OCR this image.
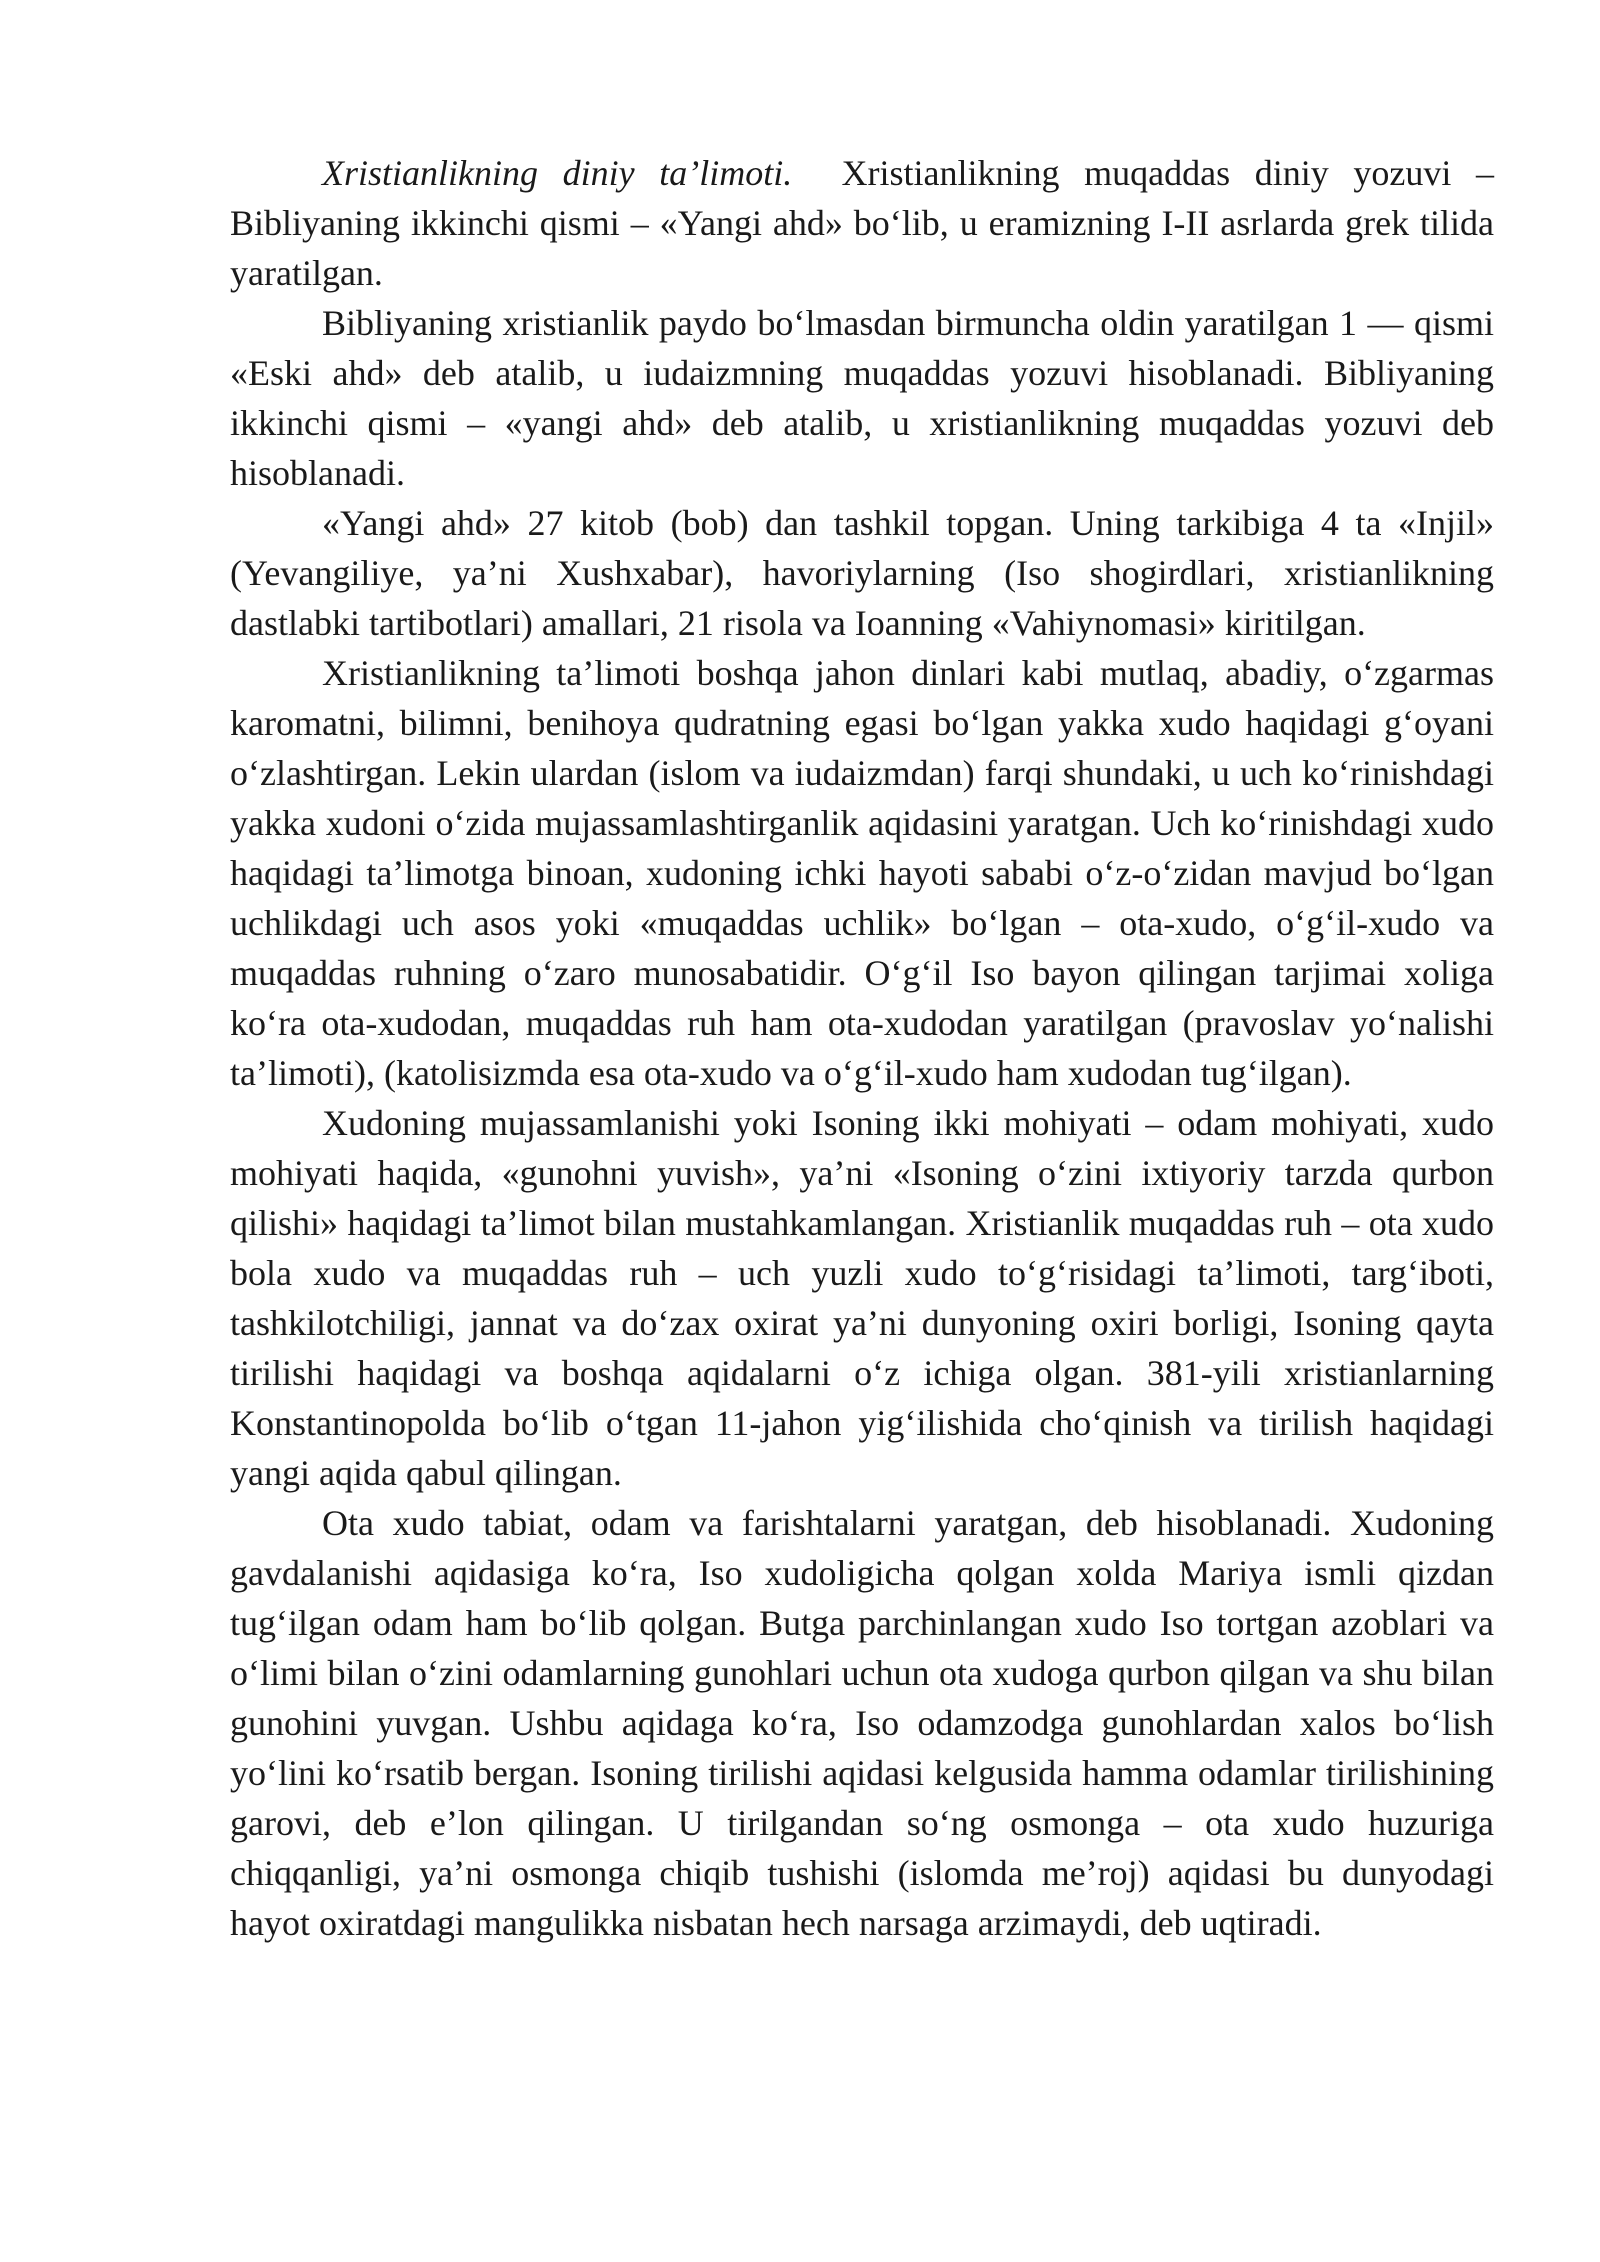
Xristianlikning diniy ta’limoti. Xristianlikning muqaddas diniy yozuvi – Bibliyaning ikkinchi qismi – «Yangi ahd» bo‘lib, u eramizning I-II asrlarda grek tilida yaratilgan.

Bibliyaning xristianlik paydo bo‘lmasdan birmuncha oldin yaratilgan 1 — qismi «Eski ahd» deb atalib, u iudaizmning muqaddas yozuvi hisoblanadi. Bibliyaning ikkinchi qismi – «yangi ahd» deb atalib, u xristianlikning muqaddas yozuvi deb hisoblanadi.

«Yangi ahd» 27 kitob (bob) dan tashkil topgan. Uning tarkibiga 4 ta «Injil» (Yevangiliye, ya’ni Xushxabar), havoriylarning (Iso shogirdlari, xristianlikning dastlabki tartibotlari) amallari, 21 risola va Ioanning «Vahiynomasi» kiritilgan.

Xristianlikning ta’limoti boshqa jahon dinlari kabi mutlaq, abadiy, o‘zgarmas karomatni, bilimni, benihoya qudratning egasi bo‘lgan yakka xudo haqidagi g‘oyani o‘zlashtirgan. Lekin ulardan (islom va iudaizmdan) farqi shundaki, u uch ko‘rinishdagi yakka xudoni o‘zida mujassamlashtirganlik aqidasini yaratgan. Uch ko‘rinishdagi xudo haqidagi ta’limotga binoan, xudoning ichki hayoti sababi o‘z-o‘zidan mavjud bo‘lgan uchlikdagi uch asos yoki «muqaddas uchlik» bo‘lgan – ota-xudo, o‘g‘il-xudo va muqaddas ruhning o‘zaro munosabatidir. O‘g‘il Iso bayon qilingan tarjimai xoliga ko‘ra ota-xudodan, muqaddas ruh ham ota-xudodan yaratilgan (pravoslav yo‘nalishi ta’limoti), (katolisizmda esa ota-xudo va o‘g‘il-xudo ham xudodan tug‘ilgan).

Xudoning mujassamlanishi yoki Isoning ikki mohiyati – odam mohiyati, xudo mohiyati haqida, «gunohni yuvish», ya’ni «Isoning o‘zini ixtiyoriy tarzda qurbon qilishi» haqidagi ta’limot bilan mustahkamlangan. Xristianlik muqaddas ruh – ota xudo bola xudo va muqaddas ruh – uch yuzli xudo to‘g‘risidagi ta’limoti, targ‘iboti, tashkilotchiligi, jannat va do‘zax oxirat ya’ni dunyoning oxiri borligi, Isoning qayta tirilishi haqidagi va boshqa aqidalarni o‘z ichiga olgan. 381-yili xristianlarning Konstantinopolda bo‘lib o‘tgan 11-jahon yig‘ilishida cho‘qinish va tirilish haqidagi yangi aqida qabul qilingan.

Ota xudo tabiat, odam va farishtalarni yaratgan, deb hisoblanadi. Xudoning gavdalanishi aqidasiga ko‘ra, Iso xudoligicha qolgan xolda Mariya ismli qizdan tug‘ilgan odam ham bo‘lib qolgan. Butga parchinlangan xudo Iso tortgan azoblari va o‘limi bilan o‘zini odamlarning gunohlari uchun ota xudoga qurbon qilgan va shu bilan gunohini yuvgan. Ushbu aqidaga ko‘ra, Iso odamzodga gunohlardan xalos bo‘lish yo‘lini ko‘rsatib bergan. Isoning tirilishi aqidasi kelgusida hamma odamlar tirilishining garovi, deb e’lon qilingan. U tirilgandan so‘ng osmonga – ota xudo huzuriga chiqqanligi, ya’ni osmonga chiqib tushishi (islomda me’roj) aqidasi bu dunyodagi hayot oxiratdagi mangulikka nisbatan hech narsaga arzimaydi, deb uqtiradi.
